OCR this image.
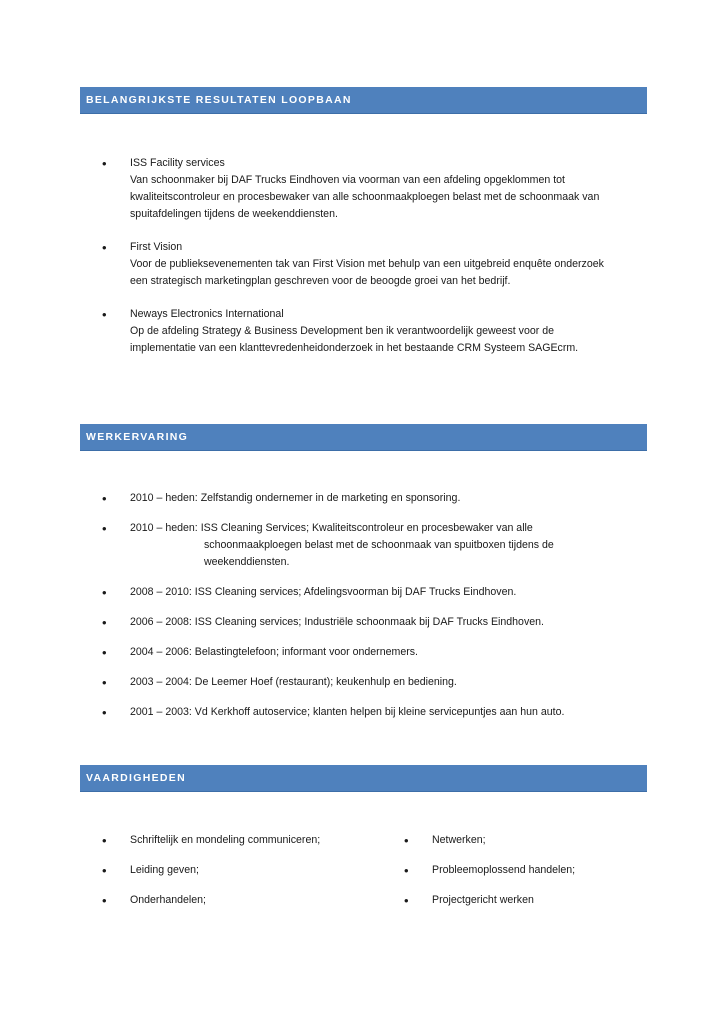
BELANGRIJKSTE RESULTATEN LOOPBAAN
• ISS Facility services
Van schoonmaker bij DAF Trucks Eindhoven via voorman van een afdeling opgeklommen tot
kwaliteitscontroleur en procesbewaker van alle schoonmaakploegen belast met de schoonmaak van
spuitafdelingen tijdens de weekenddiensten.
• First Vision
Voor de publieksevenementen tak van First Vision met behulp van een uitgebreid enquête onderzoek
een strategisch marketingplan geschreven voor de beoogde groei van het bedrijf.
• Neways Electronics International
Op de afdeling Strategy & Business Development ben ik verantwoordelijk geweest voor de
implementatie van een klanttevredenheidonderzoek in het bestaande CRM Systeem SAGEcrm.
WERKERVARING
• 2010 – heden: Zelfstandig ondernemer in de marketing en sponsoring.
• 2010 – heden: ISS Cleaning Services; Kwaliteitscontroleur en procesbewaker van alle
schoonmaakploegen belast met de schoonmaak van spuitboxen tijdens de
weekenddiensten.
• 2008 – 2010: ISS Cleaning services; Afdelingsvoorman bij DAF Trucks Eindhoven.
• 2006 – 2008: ISS Cleaning services; Industriële schoonmaak bij DAF Trucks Eindhoven.
• 2004 – 2006: Belastingtelefoon; informant voor ondernemers.
• 2003 – 2004: De Leemer Hoef (restaurant); keukenhulp en bediening.
• 2001 – 2003: Vd Kerkhoff autoservice; klanten helpen bij kleine servicepuntjes aan hun auto.
VAARDIGHEDEN
• Schriftelijk en mondeling communiceren;
• Leiding geven;
• Onderhandelen;
• Netwerken;
• Probleemoplossend handelen;
• Projectgericht werken
